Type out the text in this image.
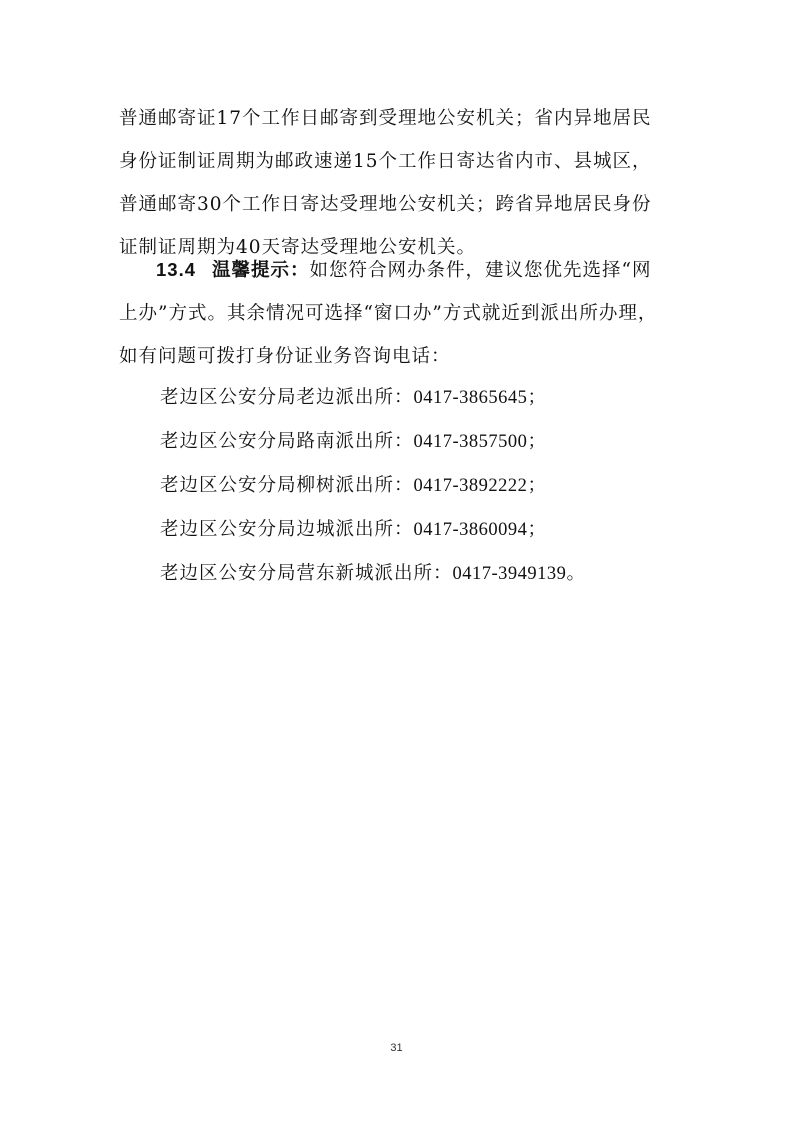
普通邮寄证17个工作日邮寄到受理地公安机关；省内异地居民
身份证制证周期为邮政速递15个工作日寄达省内市、县城区，
普通邮寄30个工作日寄达受理地公安机关；跨省异地居民身份
证制证周期为40天寄达受理地公安机关。
13.4 温馨提示：如您符合网办条件，建议您优先选择“网
上办”方式。其余情况可选择“窗口办”方式就近到派出所办理，
如有问题可拨打身份证业务咨询电话：
老边区公安分局老边派出所：0417-3865645；
老边区公安分局路南派出所：0417-3857500；
老边区公安分局柳树派出所：0417-3892222；
老边区公安分局边城派出所：0417-3860094；
老边区公安分局营东新城派出所：0417-3949139。
31
